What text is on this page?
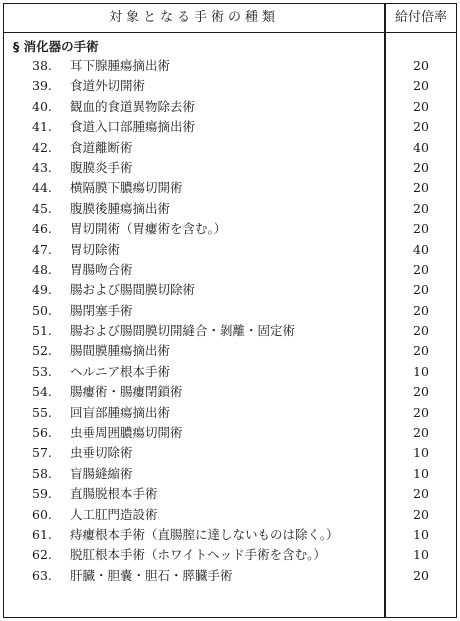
対象となる手術の種類	給付倍率
§ 消化器の手術
38.	耳下腺腫瘍摘出術	20
39.	食道外切開術	20
40.	観血的食道異物除去術	20
41.	食道入口部腫瘍摘出術	20
42.	食道離断術	40
43.	腹膜炎手術	20
44.	横隔膜下膿瘍切開術	20
45.	腹膜後腫瘍摘出術	20
46.	胃切開術（胃瘻術を含む。）	20
47.	胃切除術	40
48.	胃腸吻合術	20
49.	腸および腸間膜切除術	20
50.	腸閉塞手術	20
51.	腸および腸間膜切開縫合・剝離・固定術	20
52.	腸間膜腫瘍摘出術	20
53.	ヘルニア根本手術	10
54.	腸瘻術・腸瘻閉鎖術	20
55.	回盲部腫瘍摘出術	20
56.	虫垂周囲膿瘍切開術	20
57.	虫垂切除術	10
58.	盲腸縫縮術	10
59.	直腸脱根本手術	20
60.	人工肛門造設術	20
61.	痔瘻根本手術（直腸膣に達しないものは除く。）	10
62.	脱肛根本手術（ホワイトヘッド手術を含む。）	10
63.	肝臓・胆嚢・胆石・膵臓手術	20
